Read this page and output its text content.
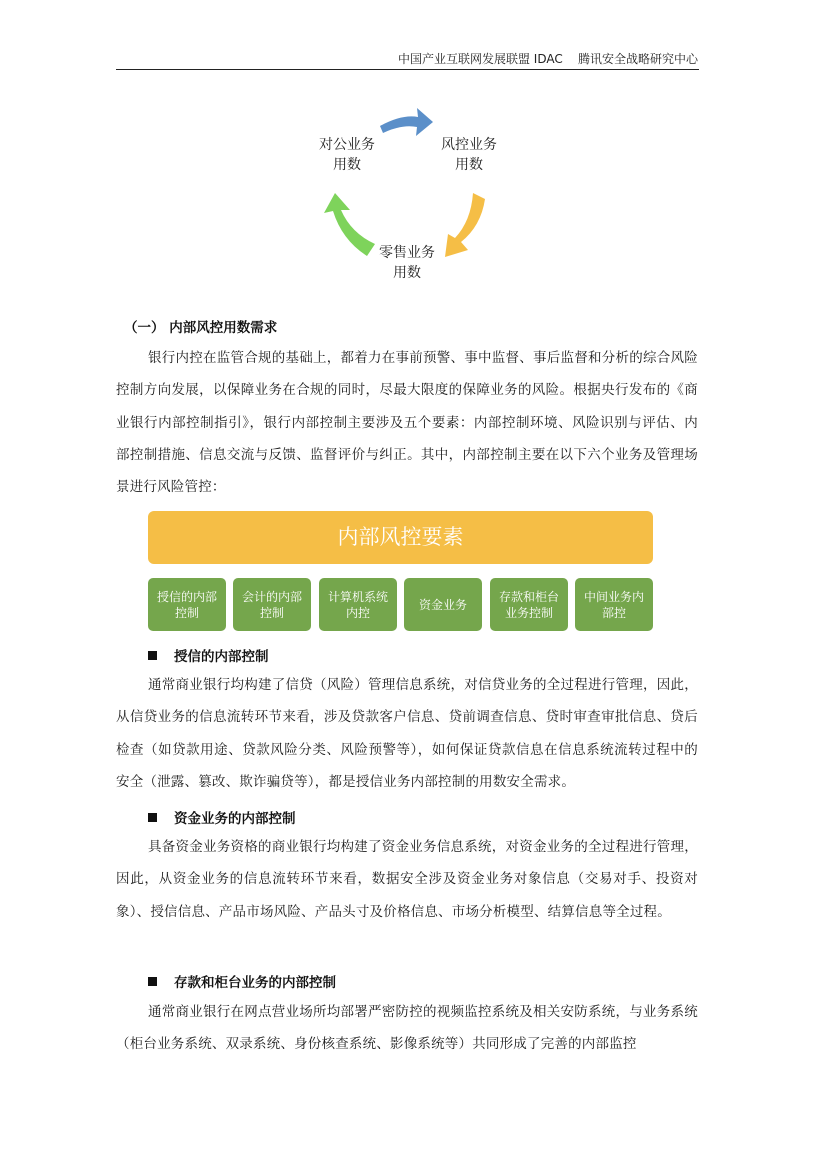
中国产业互联网发展联盟 IDAC    腾讯安全战略研究中心
对公业务
用数
风控业务
用数
零售业务
用数
（一） 内部风控用数需求

银行内控在监管合规的基础上，都着力在事前预警、事中监督、事后监督和分析的综合风险控制方向发展，以保障业务在合规的同时，尽最大限度的保障业务的风险。根据央行发布的《商业银行内部控制指引》，银行内部控制主要涉及五个要素：内部控制环境、风险识别与评估、内部控制措施、信息交流与反馈、监督评价与纠正。其中，内部控制主要在以下六个业务及管理场景进行风险管控：

内部风控要素
授信的内部
控制
会计的内部
控制
计算机系统
内控
资金业务
存款和柜台
业务控制
中间业务内
部控
授信的内部控制

通常商业银行均构建了信贷（风险）管理信息系统，对信贷业务的全过程进行管理，因此，从信贷业务的信息流转环节来看，涉及贷款客户信息、贷前调查信息、贷时审查审批信息、贷后检查（如贷款用途、贷款风险分类、风险预警等），如何保证贷款信息在信息系统流转过程中的安全（泄露、篡改、欺诈骗贷等），都是授信业务内部控制的用数安全需求。

资金业务的内部控制

具备资金业务资格的商业银行均构建了资金业务信息系统，对资金业务的全过程进行管理，因此，从资金业务的信息流转环节来看，数据安全涉及资金业务对象信息（交易对手、投资对象）、授信信息、产品市场风险、产品头寸及价格信息、市场分析模型、结算信息等全过程。

存款和柜台业务的内部控制

通常商业银行在网点营业场所均部署严密防控的视频监控系统及相关安防系统，与业务系统（柜台业务系统、双录系统、身份核查系统、影像系统等）共同形成了完善的内部监控
